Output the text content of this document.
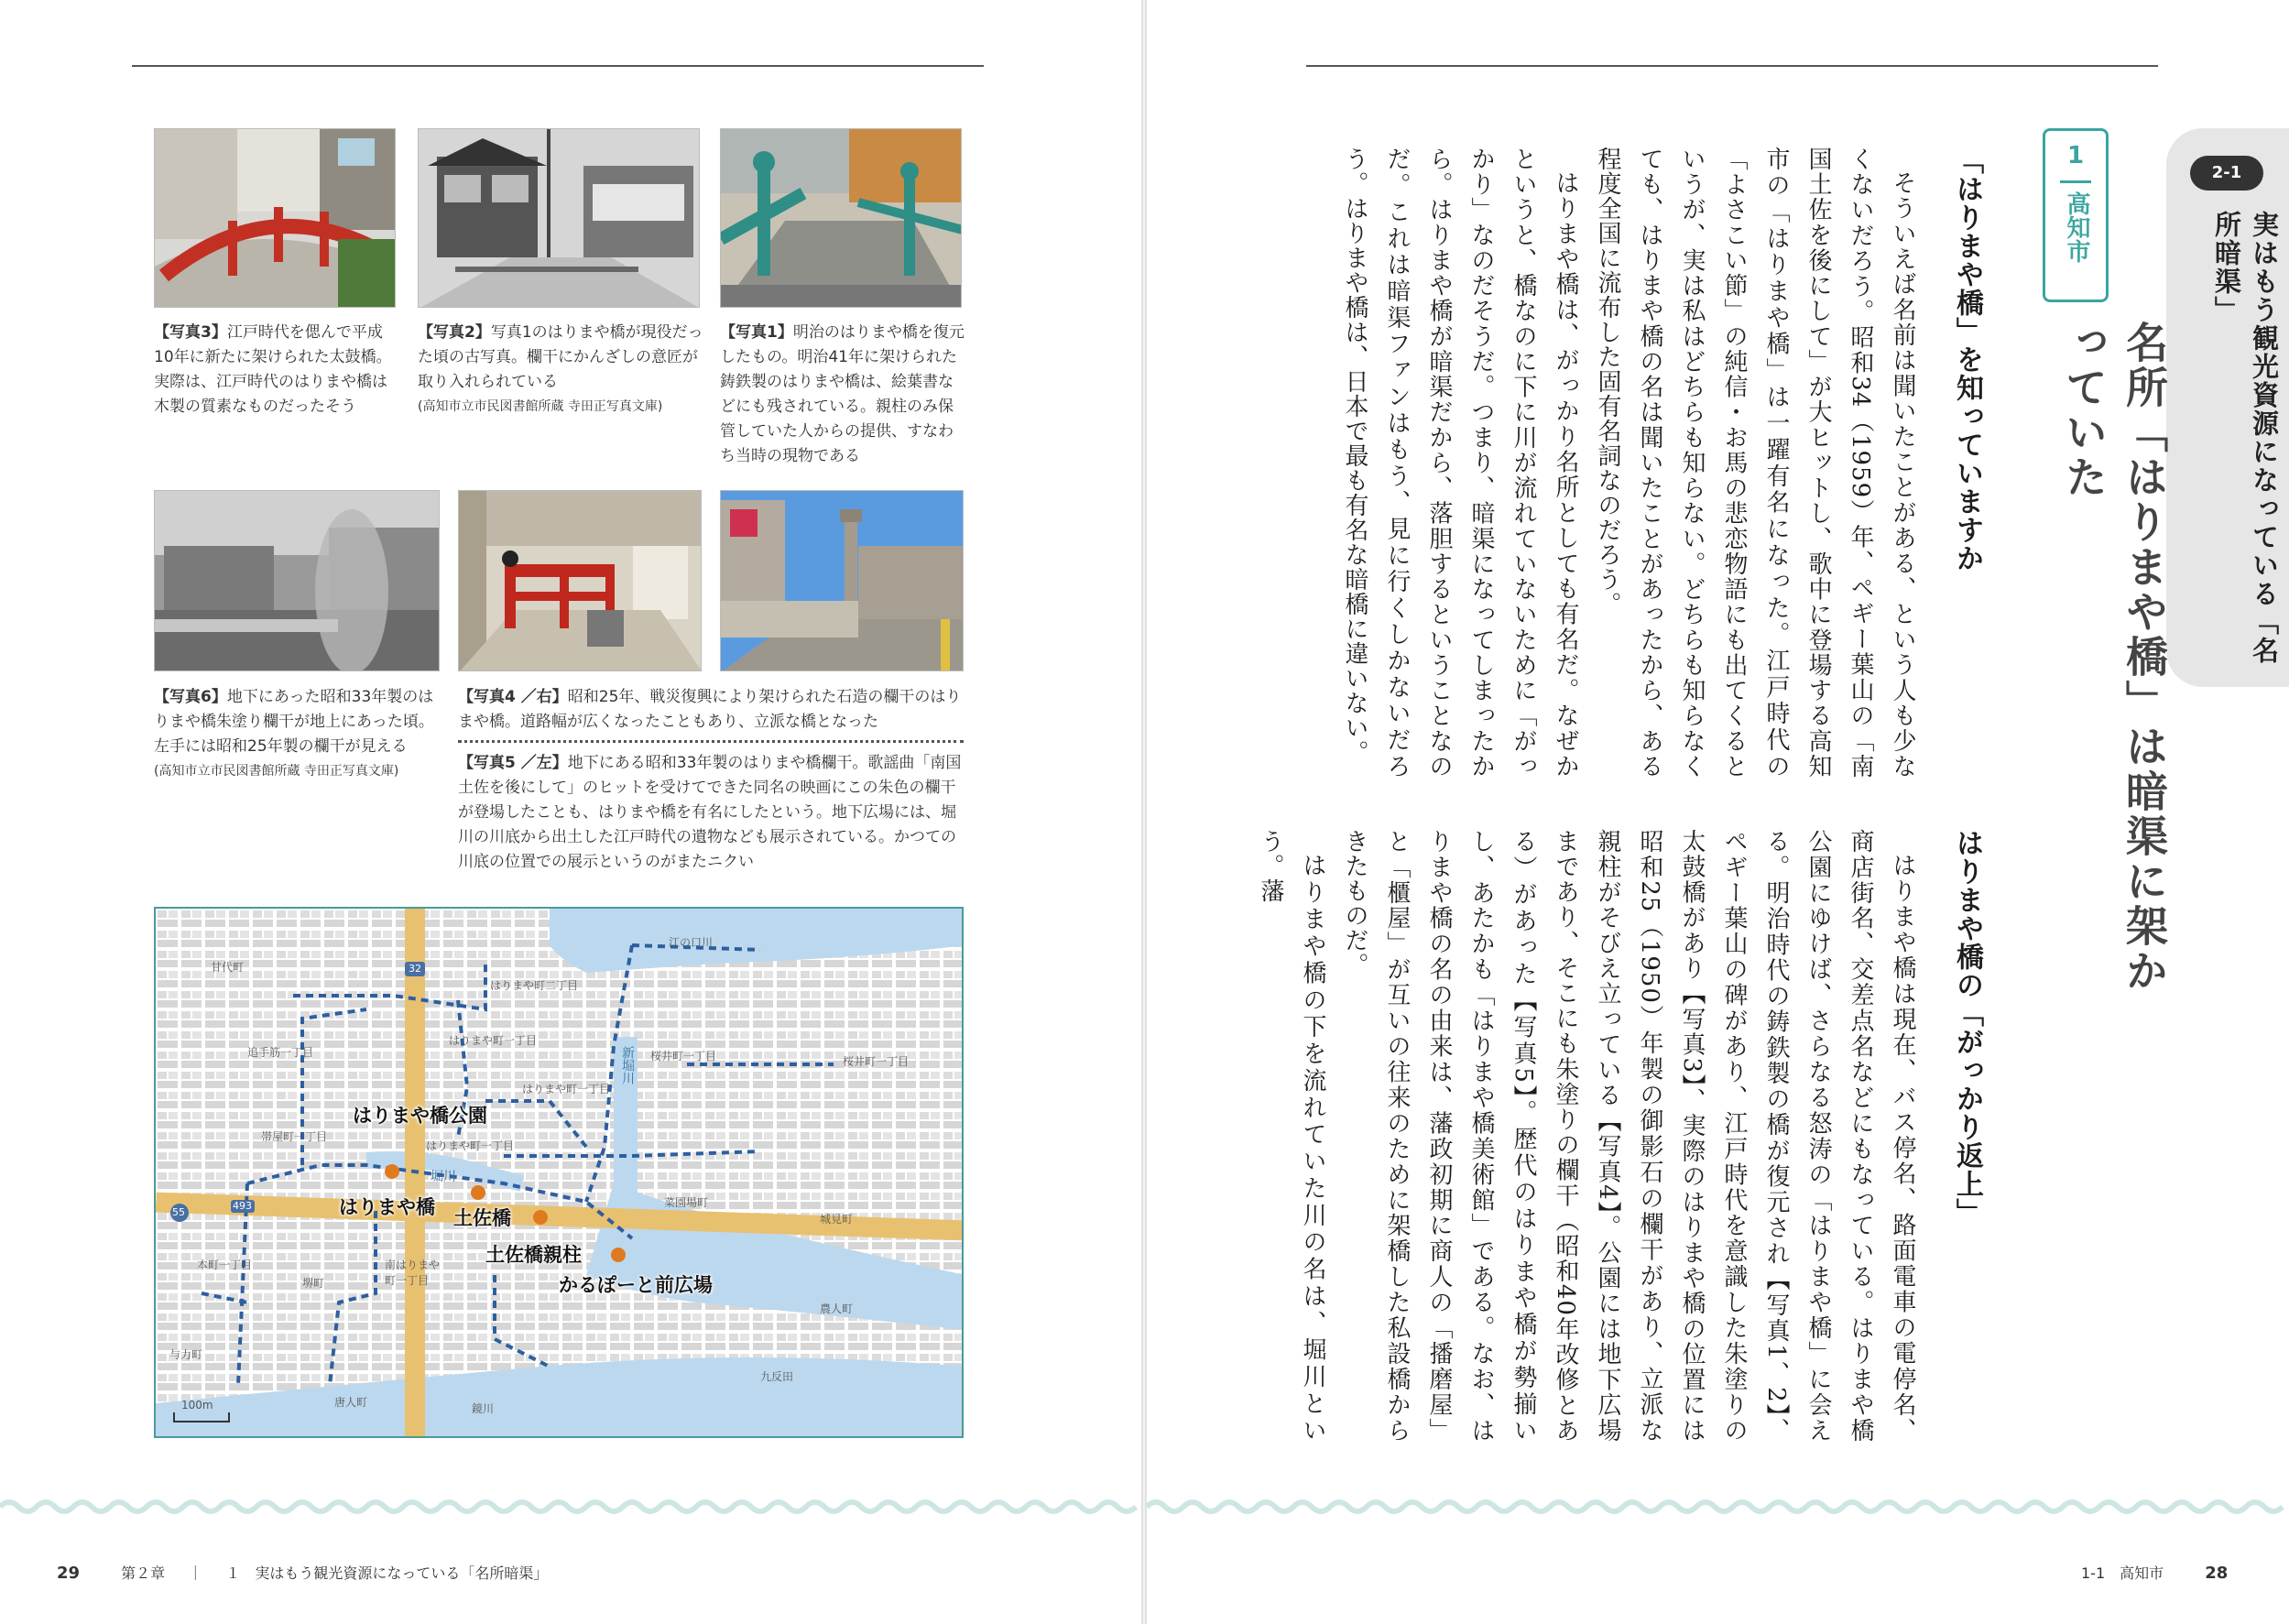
【写真3】江戸時代を偲んで平成10年に新たに架けられた太鼓橋。実際は、江戸時代のはりまや橋は木製の質素なものだったそう
【写真2】写真1のはりまや橋が現役だった頃の古写真。欄干にかんざしの意匠が取り入れられている
(高知市立市民図書館所蔵 寺田正写真文庫)
【写真1】明治のはりまや橋を復元したもの。明治41年に架けられた鋳鉄製のはりまや橋は、絵葉書などにも残されている。親柱のみ保管していた人からの提供、すなわち当時の現物である
【写真6】地下にあった昭和33年製のはりまや橋朱塗り欄干が地上にあった頃。左手には昭和25年製の欄干が見える
(高知市立市民図書館所蔵 寺田正写真文庫)
【写真4 ／右】昭和25年、戦災復興により架けられた石造の欄干のはりまや橋。道路幅が広くなったこともあり、立派な橋となった
【写真5 ／左】地下にある昭和33年製のはりまや橋欄干。歌謡曲「南国土佐を後にして」のヒットを受けてできた同名の映画にこの朱色の欄干が登場したことも、はりまや橋を有名にしたという。地下広場には、堀川の川底から出土した江戸時代の遺物なども展示されている。かつての川底の位置での展示というのがまたニクい
甘代町
はりまや町二丁目
江の口川
はりまや町一丁目
桜井町一丁目	桜井町一丁目
追手筋一丁目
帯屋町一丁目
はりまや町一丁目
はりまや町一丁目
菜園場町
城見町
本町一丁目
堺町
南はりまや町一丁目
農人町
与力町
九反田
唐人町	鏡川
100m
32
55
493
新堀川
堀川
はりまや橋公園
はりまや橋 土佐橋
土佐橋親柱
かるぽーと前広場
29	第２章 ｜ １　実はもう観光資源になっている「名所暗渠」	1-1　高知市	28
2-1
実はもう観光資源になっている「名所暗渠」
1
高知市
名所「はりまや橋」は暗渠に架かっていた
「はりまや橋」を知っていますか

そういえば名前は聞いたことがある、という人も少なくないだろう。昭和34（1959）年、ペギー葉山の「南国土佐を後にして」が大ヒットし、歌中に登場する高知市の「はりまや橋」は一躍有名になった。江戸時代の「よさこい節」の純信・お馬の悲恋物語にも出てくるというが、実は私はどちらも知らない。どちらも知らなくても、はりまや橋の名は聞いたことがあったから、ある程度全国に流布した固有名詞なのだろう。

はりまや橋は、がっかり名所としても有名だ。なぜかというと、橋なのに下に川が流れていないために「がっかり」なのだそうだ。つまり、暗渠になってしまったから。はりまや橋が暗渠だから、落胆するということなのだ。これは暗渠ファンはもう、見に行くしかないだろう。はりまや橋は、日本で最も有名な暗橋に違いない。

はりまや橋の「がっかり返上」

はりまや橋は現在、バス停名、路面電車の電停名、商店街名、交差点名などにもなっている。はりまや橋公園にゆけば、さらなる怒涛の「はりまや橋」に会える。明治時代の鋳鉄製の橋が復元され【写真1、2】、ペギー葉山の碑があり、江戸時代を意識した朱塗りの太鼓橋があり【写真3】、実際のはりまや橋の位置には昭和25（1950）年製の御影石の欄干があり、立派な親柱がそびえ立っている【写真4】。公園には地下広場まであり、そこにも朱塗りの欄干（昭和40年改修とある）があった【写真5】。歴代のはりまや橋が勢揃いし、あたかも「はりまや橋美術館」である。なお、はりまや橋の名の由来は、藩政初期に商人の「播磨屋」と「櫃屋」が互いの往来のために架橋した私設橋からきたものだ。

はりまや橋の下を流れていた川の名は、堀川という。藩
